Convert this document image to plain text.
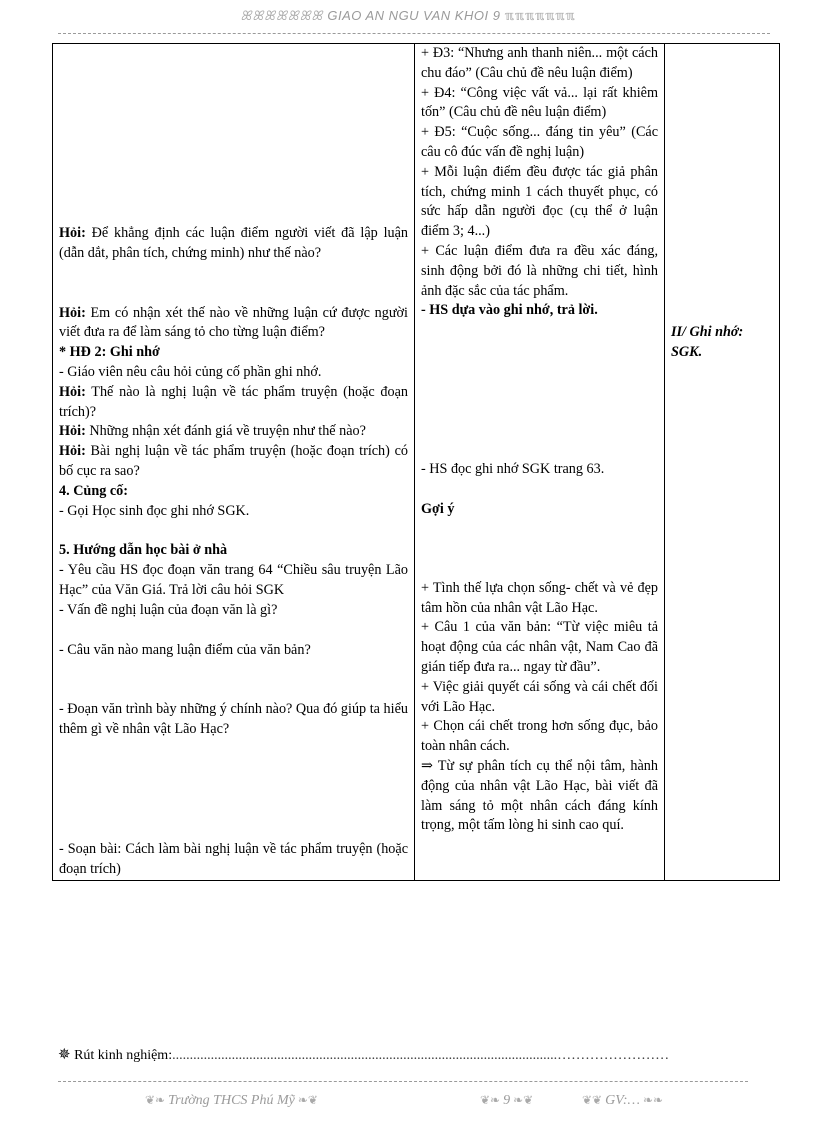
ꕤꕤꕤꕤꕤꕤꕤ GIAO AN NGU VAN KHOI 9 ℼℼℼℼℼℼℼ
Hỏi: Để khẳng định các luận điểm người viết đã lập luận (dẫn dắt, phân tích, chứng minh) như thế nào?
Hỏi: Em có nhận xét thế nào về những luận cứ được người viết đưa ra để làm sáng tỏ cho từng luận điểm?
* HĐ 2: Ghi nhớ
- Giáo viên nêu câu hỏi củng cố phần ghi nhớ.
Hỏi: Thế nào là nghị luận về tác phẩm truyện (hoặc đoạn trích)?
Hỏi: Những nhận xét đánh giá về truyện như thế nào?
Hỏi: Bài nghị luận về tác phẩm truyện (hoặc đoạn trích) có bố cục ra sao?
4. Củng cố:
- Gọi Học sinh đọc ghi nhớ SGK.
5. Hướng dẫn học bài ở nhà
- Yêu cầu HS đọc đoạn văn trang 64 “Chiều sâu truyện Lão Hạc” của Văn Giá. Trả lời câu hỏi SGK
- Vấn đề nghị luận của đoạn văn là gì?
- Câu văn nào mang luận điểm của văn bản?
- Đoạn văn trình bày những ý chính nào? Qua đó giúp ta hiểu thêm gì về nhân vật Lão Hạc?
- Soạn bài: Cách làm bài nghị luận về tác phẩm truyện (hoặc đoạn trích)

+ Đ3: “Nhưng anh thanh niên... một cách chu đáo” (Câu chủ đề nêu luận điểm)
+ Đ4: “Công việc vất vả... lại rất khiêm tốn” (Câu chủ đề nêu luận điểm)
+ Đ5: “Cuộc sống... đáng tin yêu” (Các câu cô đúc vấn đề nghị luận)
+ Mỗi luận điểm đều được tác giả phân tích, chứng minh 1 cách thuyết phục, có sức hấp dẫn người đọc (cụ thể ở luận điểm 3; 4...)
+ Các luận điểm đưa ra đều xác đáng, sinh động bởi đó là những chi tiết, hình ảnh đặc sắc của tác phẩm.
- HS dựa vào ghi nhớ, trả lời.
- HS đọc ghi nhớ SGK trang 63.
Gợi ý
+ Tình thế lựa chọn sống- chết và vẻ đẹp tâm hồn của nhân vật Lão Hạc.
+ Câu 1 của văn bản: “Từ việc miêu tả hoạt động của các nhân vật, Nam Cao đã gián tiếp đưa ra... ngay từ đầu”.
+ Việc giải quyết cái sống và cái chết đối với Lão Hạc.
+ Chọn cái chết trong hơn sống đục, bảo toàn nhân cách.
⇒ Từ sự phân tích cụ thể nội tâm, hành động của nhân vật Lão Hạc, bài viết đã làm sáng tỏ một nhân cách đáng kính trọng, một tấm lòng hi sinh cao quí.

II/ Ghi nhớ: SGK.
✵ Rút kinh nghiệm:..............................................................................................................……………………
❦❧ Trường THCS Phú Mỹ ❧❦	❦❧ 9 ❧❦	❦❦ GV:… ❧❧
